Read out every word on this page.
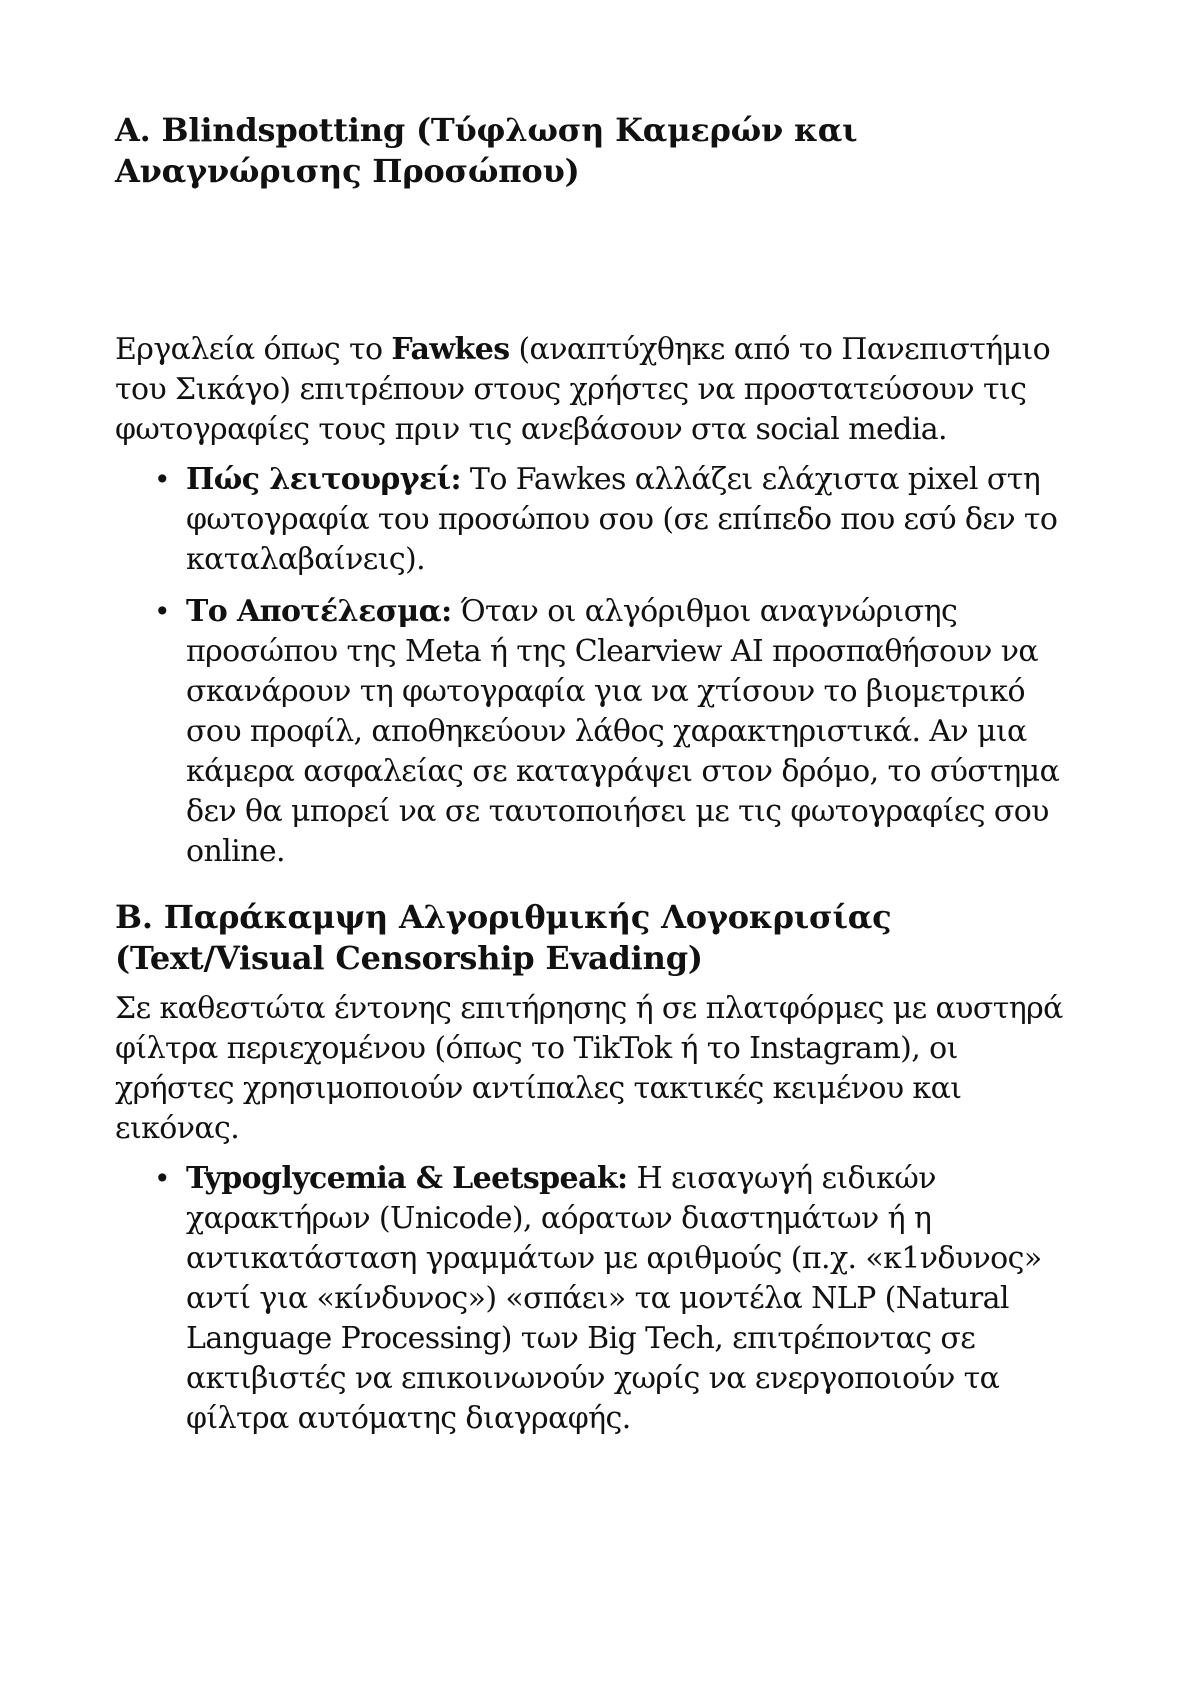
A. Blindspotting (Τύφλωση Καμερών και Αναγνώρισης Προσώπου)

Εργαλεία όπως το Fawkes (αναπτύχθηκε από το Πανεπιστήμιο του Σικάγο) επιτρέπουν στους χρήστες να προστατεύσουν τις φωτογραφίες τους πριν τις ανεβάσουν στα social media.

• Πώς λειτουργεί: Το Fawkes αλλάζει ελάχιστα pixel στη φωτογραφία του προσώπου σου (σε επίπεδο που εσύ δεν το καταλαβαίνεις).
• Το Αποτέλεσμα: Όταν οι αλγόριθμοι αναγνώρισης προσώπου της Meta ή της Clearview AI προσπαθήσουν να σκανάρουν τη φωτογραφία για να χτίσουν το βιομετρικό σου προφίλ, αποθηκεύουν λάθος χαρακτηριστικά. Αν μια κάμερα ασφαλείας σε καταγράψει στον δρόμο, το σύστημα δεν θα μπορεί να σε ταυτοποιήσει με τις φωτογραφίες σου online.
B. Παράκαμψη Αλγοριθμικής Λογοκρισίας (Text/Visual Censorship Evading)

Σε καθεστώτα έντονης επιτήρησης ή σε πλατφόρμες με αυστηρά φίλτρα περιεχομένου (όπως το TikTok ή το Instagram), οι χρήστες χρησιμοποιούν αντίπαλες τακτικές κειμένου και εικόνας.

• Typoglycemia & Leetspeak: Η εισαγωγή ειδικών χαρακτήρων (Unicode), αόρατων διαστημάτων ή η αντικατάσταση γραμμάτων με αριθμούς (π.χ. «κ1νδυνος» αντί για «κίνδυνος») «σπάει» τα μοντέλα NLP (Natural Language Processing) των Big Tech, επιτρέποντας σε ακτιβιστές να επικοινωνούν χωρίς να ενεργοποιούν τα φίλτρα αυτόματης διαγραφής.
